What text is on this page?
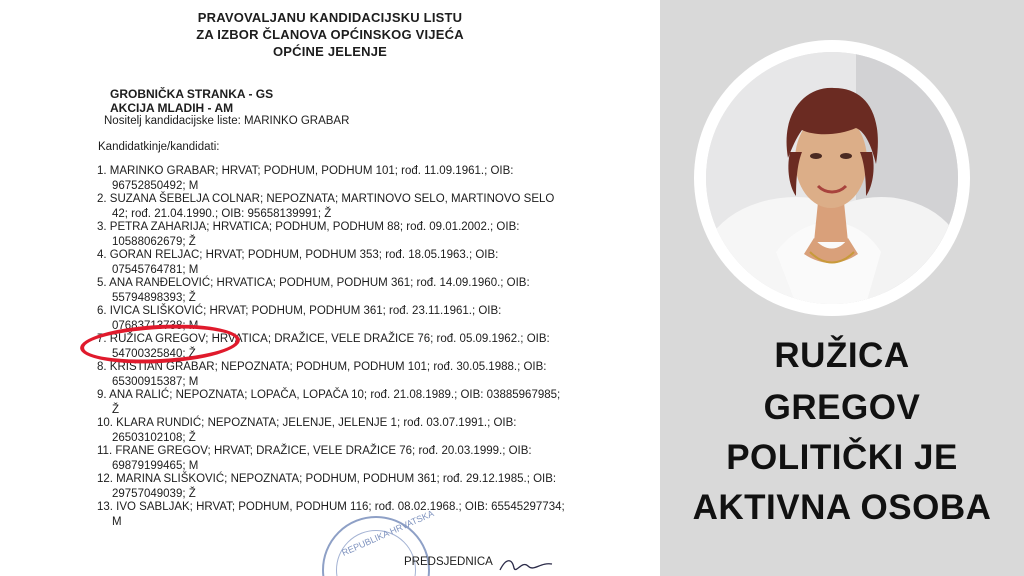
PRAVOVALJANU KANDIDACIJSKU LISTU
ZA IZBOR ČLANOVA OPĆINSKOG VIJEĆA
OPĆINE JELENJE
GROBNIČKA STRANKA - GS
AKCIJA MLADIH - AM
Nositelj kandidacijske liste: MARINKO GRABAR
Kandidatkinje/kandidati:
1. MARINKO GRABAR; HRVAT; PODHUM, PODHUM 101; rođ. 11.09.1961.; OIB:
96752850492; M
2. SUZANA ŠEBELJA COLNAR; NEPOZNATA; MARTINOVO SELO, MARTINOVO SELO
42; rođ. 21.04.1990.; OIB: 95658139991; Ž
3. PETRA ZAHARIJA; HRVATICA; PODHUM, PODHUM 88; rođ. 09.01.2002.; OIB:
10588062679; Ž
4. GORAN RELJAC; HRVAT; PODHUM, PODHUM 353; rođ. 18.05.1963.; OIB:
07545764781; M
5. ANA RANĐELOVIĆ; HRVATICA; PODHUM, PODHUM 361; rođ. 14.09.1960.; OIB:
55794898393; Ž
6. IVICA SLIŠKOVIĆ; HRVAT; PODHUM, PODHUM 361; rođ. 23.11.1961.; OIB:
07683713738; M
7. RUŽICA GREGOV; HRVATICA; DRAŽICE, VELE DRAŽICE 76; rođ. 05.09.1962.; OIB:
54700325840; Ž
8. KRISTIAN GRABAR; NEPOZNATA; PODHUM, PODHUM 101; rođ. 30.05.1988.; OIB:
65300915387; M
9. ANA RALIĆ; NEPOZNATA; LOPAČA, LOPAČA 10; rođ. 21.08.1989.; OIB: 03885967985;
Ž
10. KLARA RUNDIĆ; NEPOZNATA; JELENJE, JELENJE 1; rođ. 03.07.1991.; OIB:
26503102108; Ž
11. FRANE GREGOV; HRVAT; DRAŽICE, VELE DRAŽICE 76; rođ. 20.03.1999.; OIB:
69879199465; M
12. MARINA SLIŠKOVIĆ; NEPOZNATA; PODHUM, PODHUM 361; rođ. 29.12.1985.; OIB:
29757049039; Ž
13. IVO SABLJAK; HRVAT; PODHUM, PODHUM 116; rođ. 08.02.1968.; OIB: 65545297734;
M	REPUBLIKA HRVATSKA
PREDSJEDNICA
RUŽICA
GREGOV
POLITIČKI JE
AKTIVNA OSOBA
